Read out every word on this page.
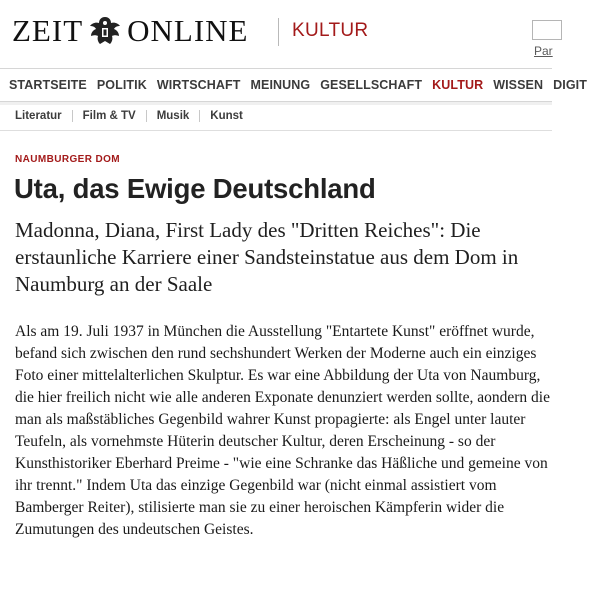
ZEIT ONLINE KULTUR
Par
STARTSEITE POLITIK WIRTSCHAFT MEINUNG GESELLSCHAFT KULTUR WISSEN DIGIT
Literatur Film & TV Musik Kunst
NAUMBURGER DOM
Uta, das Ewige Deutschland

Madonna, Diana, First Lady des "Dritten Reiches": Die erstaunliche Karriere einer Sandsteinstatue aus dem Dom in Naumburg an der Saale

Als am 19. Juli 1937 in München die Ausstellung "Entartete Kunst" eröffnet wurde, befand sich zwischen den rund sechshundert Werken der Moderne auch ein einziges Foto einer mittelalterlichen Skulptur. Es war eine Abbildung der Uta von Naumburg, die hier freilich nicht wie alle anderen Exponate denunziert werden sollte, aondern die man als maßstäbliches Gegenbild wahrer Kunst propagierte: als Engel unter lauter Teufeln, als vornehmste Hüterin deutscher Kultur, deren Erscheinung - so der Kunsthistoriker Eberhard Preime - "wie eine Schranke das Häßliche und gemeine von ihr trennt." Indem Uta das einzige Gegenbild war (nicht einmal assistiert vom Bamberger Reiter), stilisierte man sie zu einer heroischen Kämpferin wider die Zumutungen des undeutschen Geistes.
